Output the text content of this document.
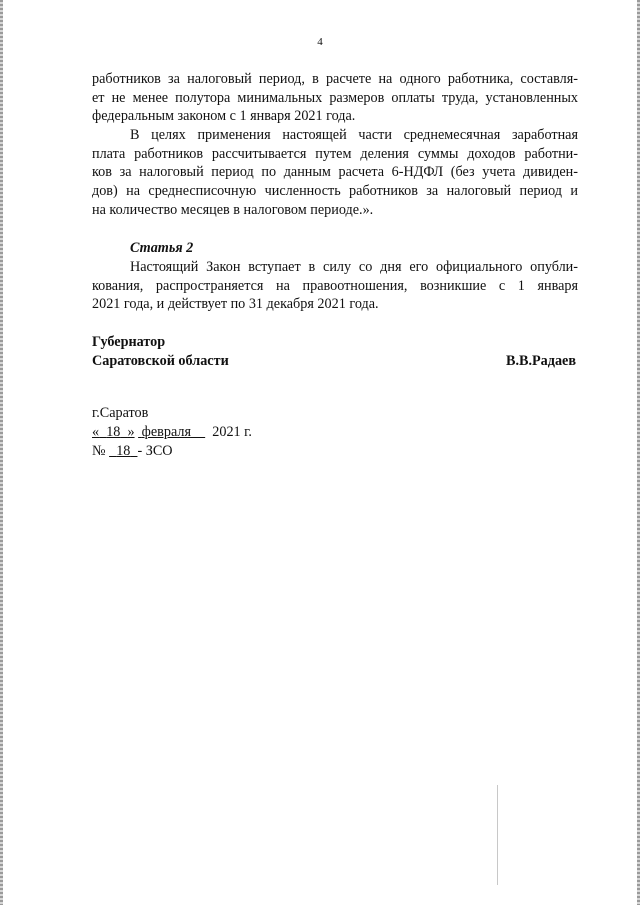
4
работников за налоговый период, в расчете на одного работника, составля-
ет не менее полутора минимальных размеров оплаты труда, установленных
федеральным законом с 1 января 2021 года.
В целях применения настоящей части среднемесячная заработная
плата работников рассчитывается путем деления суммы доходов работни-
ков за налоговый период по данным расчета 6-НДФЛ (без учета дивиден-
дов) на среднесписочную численность работников за налоговый период и
на количество месяцев в налоговом периоде.».
Статья 2
Настоящий Закон вступает в силу со дня его официального опубли-
кования, распространяется на правоотношения, возникшие с 1 января
2021 года, и действует по 31 декабря 2021 года.
Губернатор
Саратовской области	В.В.Радаев
г.Саратов
« 18 » февраля 2021 г.
№ 18 - ЗСО
